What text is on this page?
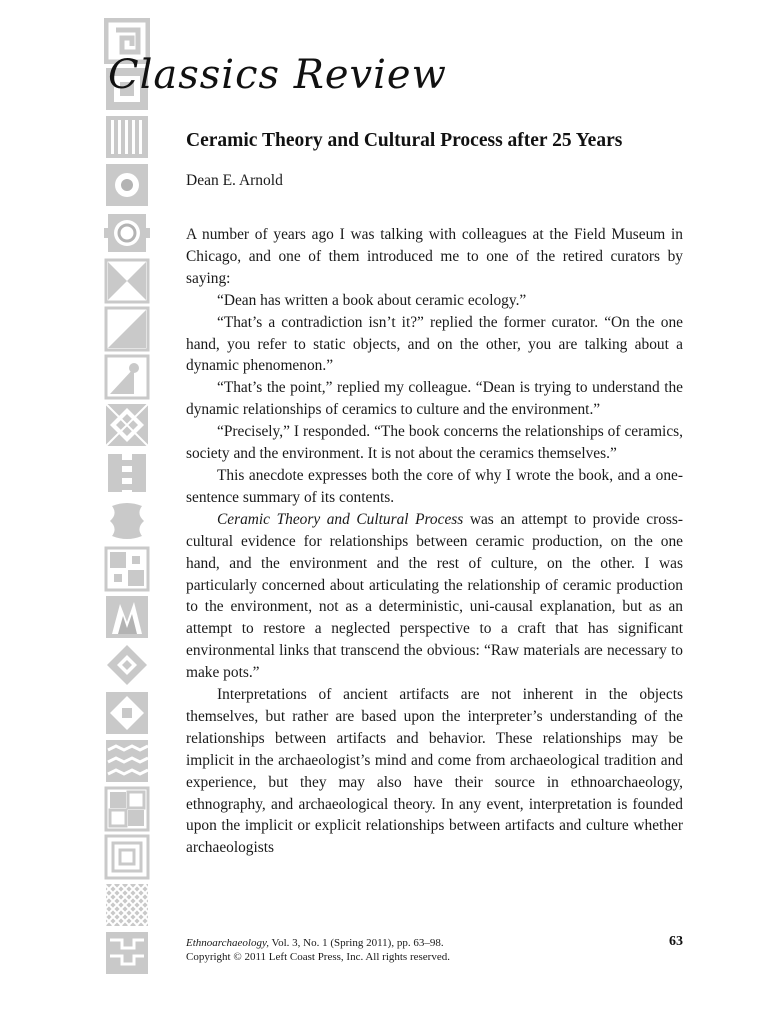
Classics Review
Ceramic Theory and Cultural Process after 25 Years
Dean E. Arnold

A number of years ago I was talking with colleagues at the Field Museum in Chicago, and one of them introduced me to one of the retired curators by saying:

“Dean has written a book about ceramic ecology.”

“That’s a contradiction isn’t it?” replied the former curator. “On the one hand, you refer to static objects, and on the other, you are talking about a dynamic phenomenon.”

“That’s the point,” replied my colleague. “Dean is trying to understand the dynamic relationships of ceramics to culture and the environment.”

“Precisely,” I responded. “The book concerns the relationships of ceramics, society and the environment. It is not about the ceramics themselves.”

This anecdote expresses both the core of why I wrote the book, and a one-sentence summary of its contents.

Ceramic Theory and Cultural Process was an attempt to provide cross-cultural evidence for relationships between ceramic production, on the one hand, and the environment and the rest of culture, on the other. I was particularly concerned about articulating the relationship of ceramic production to the environment, not as a deterministic, uni-causal explanation, but as an attempt to restore a neglected perspective to a craft that has significant environmental links that transcend the obvious: “Raw materials are necessary to make pots.”

Interpretations of ancient artifacts are not inherent in the objects themselves, but rather are based upon the interpreter’s understanding of the relationships between artifacts and behavior. These relationships may be implicit in the archaeologist’s mind and come from archaeological tradition and experience, but they may also have their source in ethnoarchaeology, ethnography, and archaeological theory. In any event, interpretation is founded upon the implicit or explicit relationships between artifacts and culture whether archaeologists

Ethnoarchaeology, Vol. 3, No. 1 (Spring 2011), pp. 63–98.
Copyright © 2011 Left Coast Press, Inc. All rights reserved.
63
